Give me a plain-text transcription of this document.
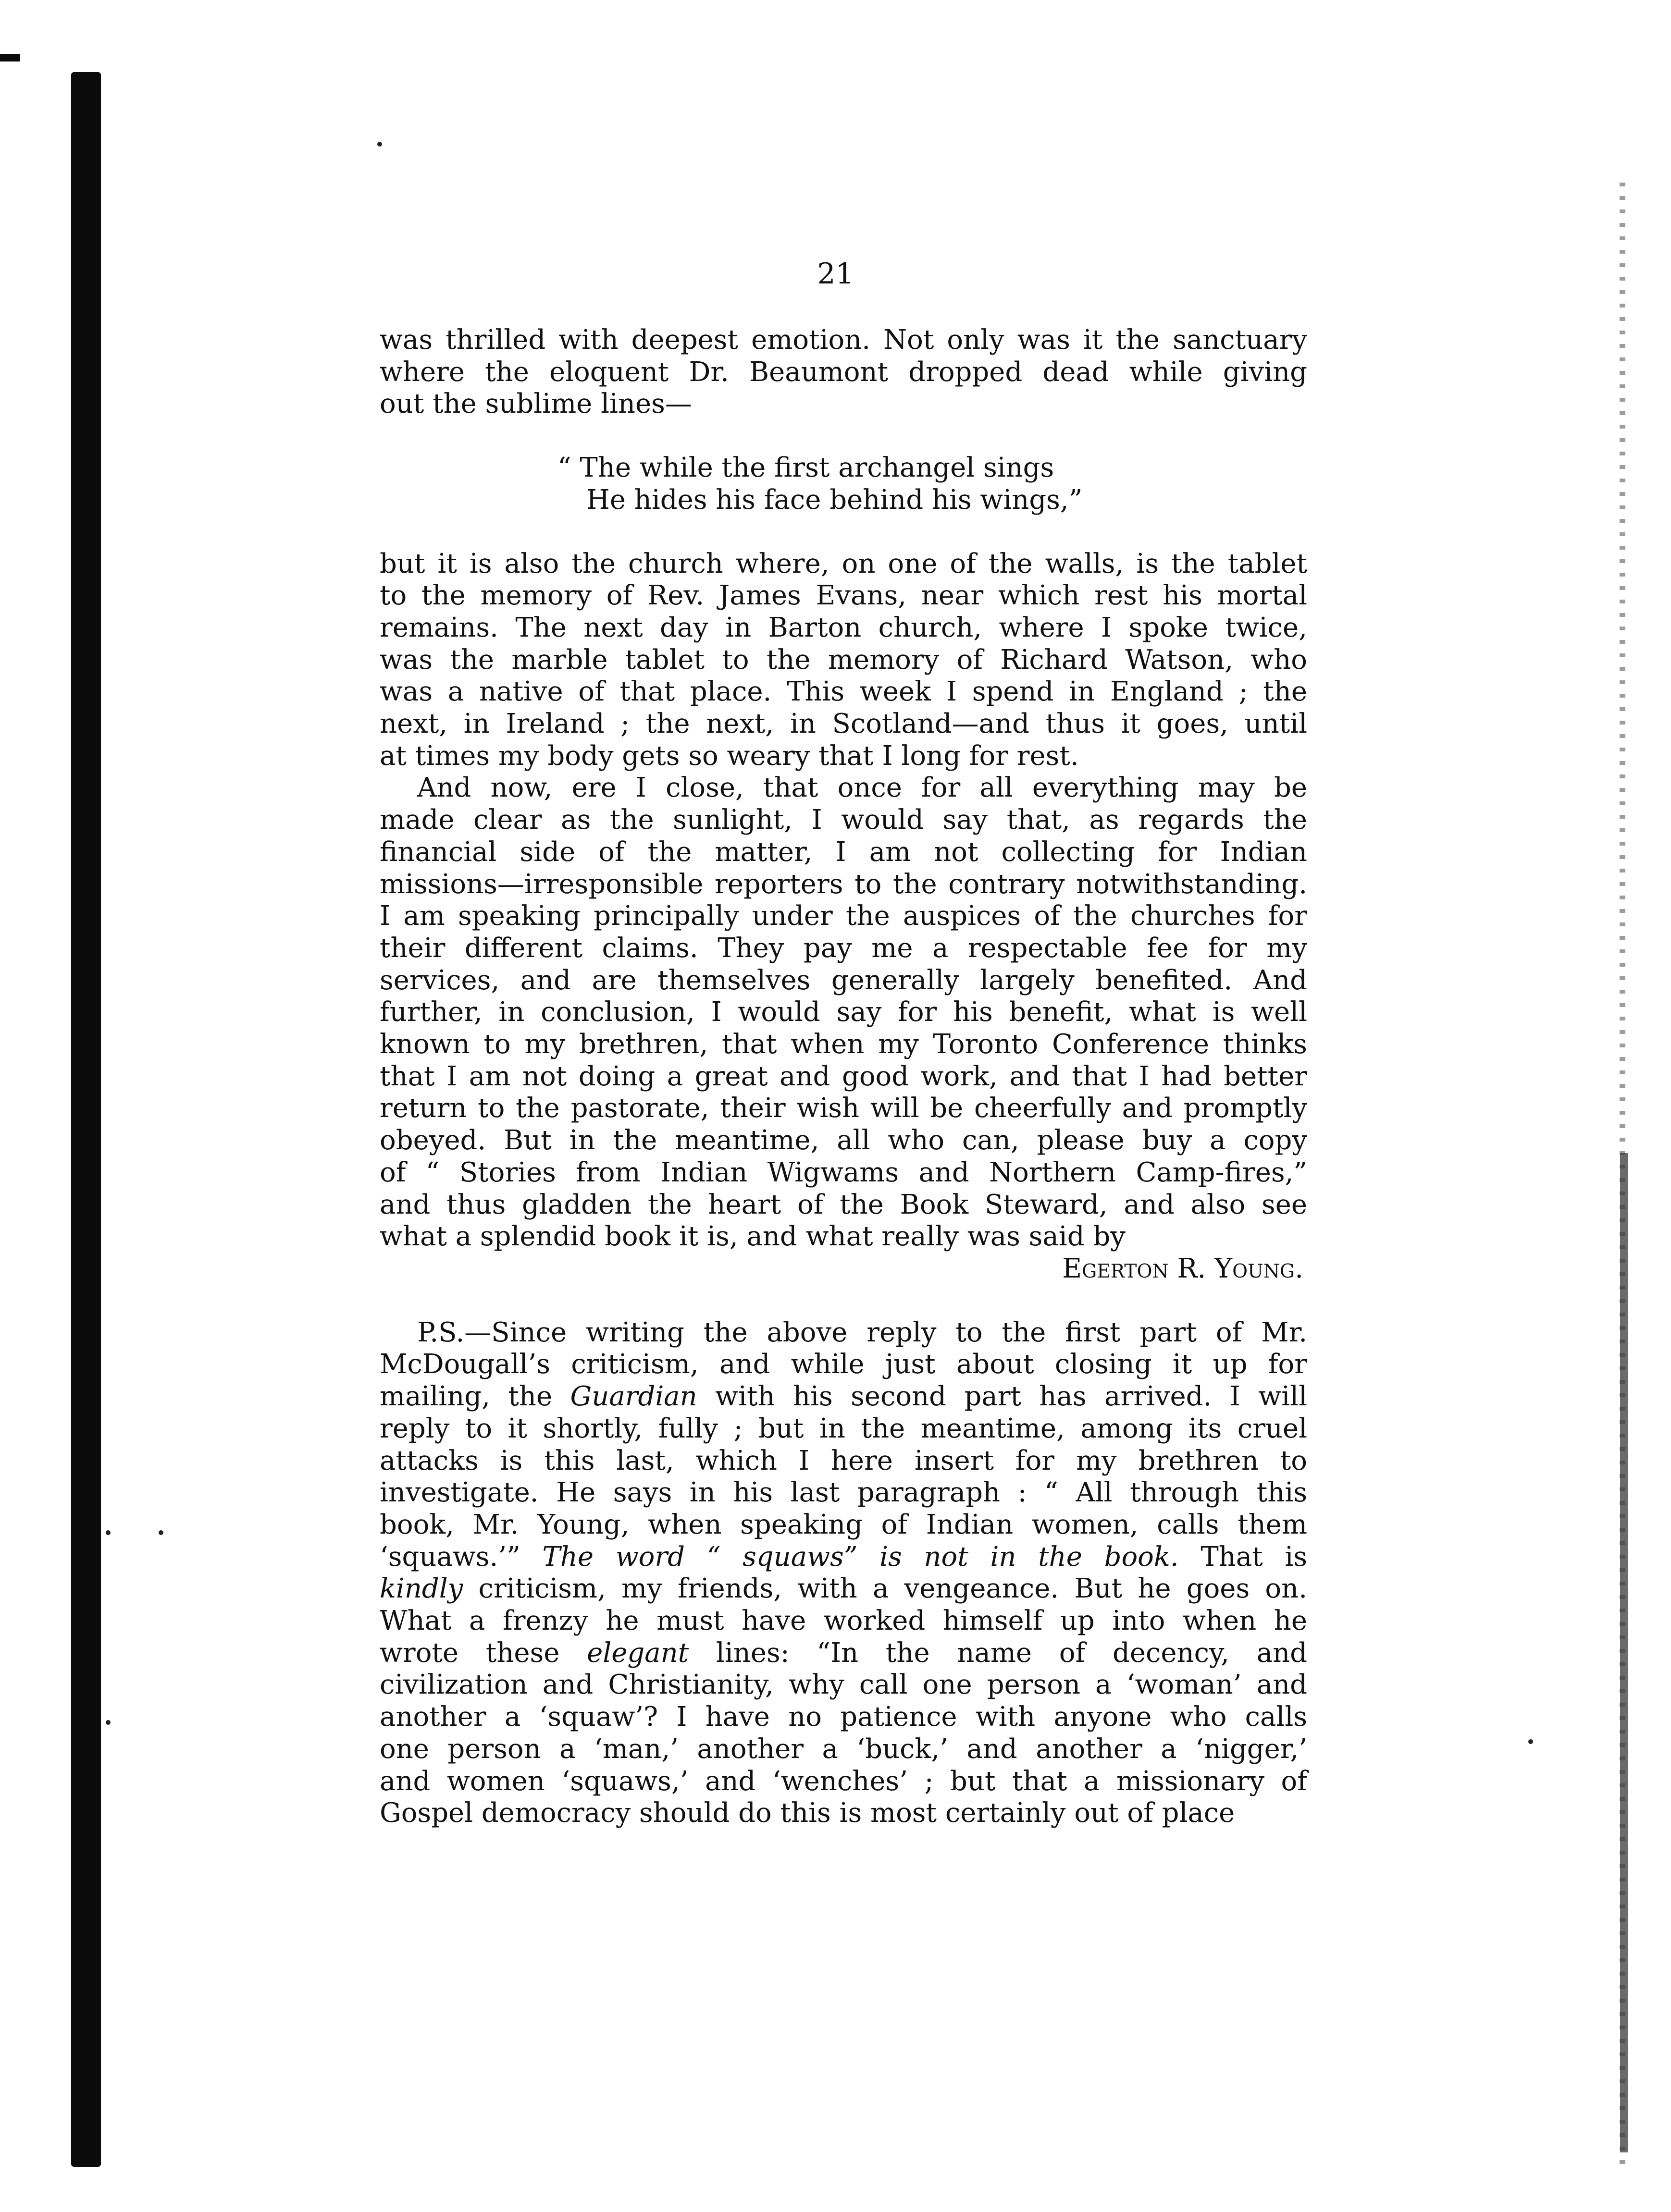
21
was thrilled with deepest emotion. Not only was it the sanctuary
where the eloquent Dr. Beaumont dropped dead while giving
out the sublime lines—
“ The while the first archangel sings
He hides his face behind his wings,”
but it is also the church where, on one of the walls, is the tablet
to the memory of Rev. James Evans, near which rest his mortal
remains. The next day in Barton church, where I spoke twice,
was the marble tablet to the memory of Richard Watson, who
was a native of that place. This week I spend in England ; the
next, in Ireland ; the next, in Scotland—and thus it goes, until
at times my body gets so weary that I long for rest.
And now, ere I close, that once for all everything may be
made clear as the sunlight, I would say that, as regards the
financial side of the matter, I am not collecting for Indian
missions—irresponsible reporters to the contrary notwithstanding.
I am speaking principally under the auspices of the churches for
their different claims. They pay me a respectable fee for my
services, and are themselves generally largely benefited. And
further, in conclusion, I would say for his benefit, what is well
known to my brethren, that when my Toronto Conference thinks
that I am not doing a great and good work, and that I had better
return to the pastorate, their wish will be cheerfully and promptly
obeyed. But in the meantime, all who can, please buy a copy
of “ Stories from Indian Wigwams and Northern Camp-fires,”
and thus gladden the heart of the Book Steward, and also see
what a splendid book it is, and what really was said by
Egerton R. Young.
P.S.—Since writing the above reply to the first part of Mr.
McDougall’s criticism, and while just about closing it up for
mailing, the Guardian with his second part has arrived. I will
reply to it shortly, fully ; but in the meantime, among its cruel
attacks is this last, which I here insert for my brethren to
investigate. He says in his last paragraph : “ All through this
book, Mr. Young, when speaking of Indian women, calls them
‘squaws.’” The word “ squaws” is not in the book. That is
kindly criticism, my friends, with a vengeance. But he goes on.
What a frenzy he must have worked himself up into when he
wrote these elegant lines: “In the name of decency, and
civilization and Christianity, why call one person a ‘woman’ and
another a ‘squaw’? I have no patience with anyone who calls
one person a ‘man,’ another a ‘buck,’ and another a ‘nigger,’
and women ‘squaws,’ and ‘wenches’ ; but that a missionary of
Gospel democracy should do this is most certainly out of place
